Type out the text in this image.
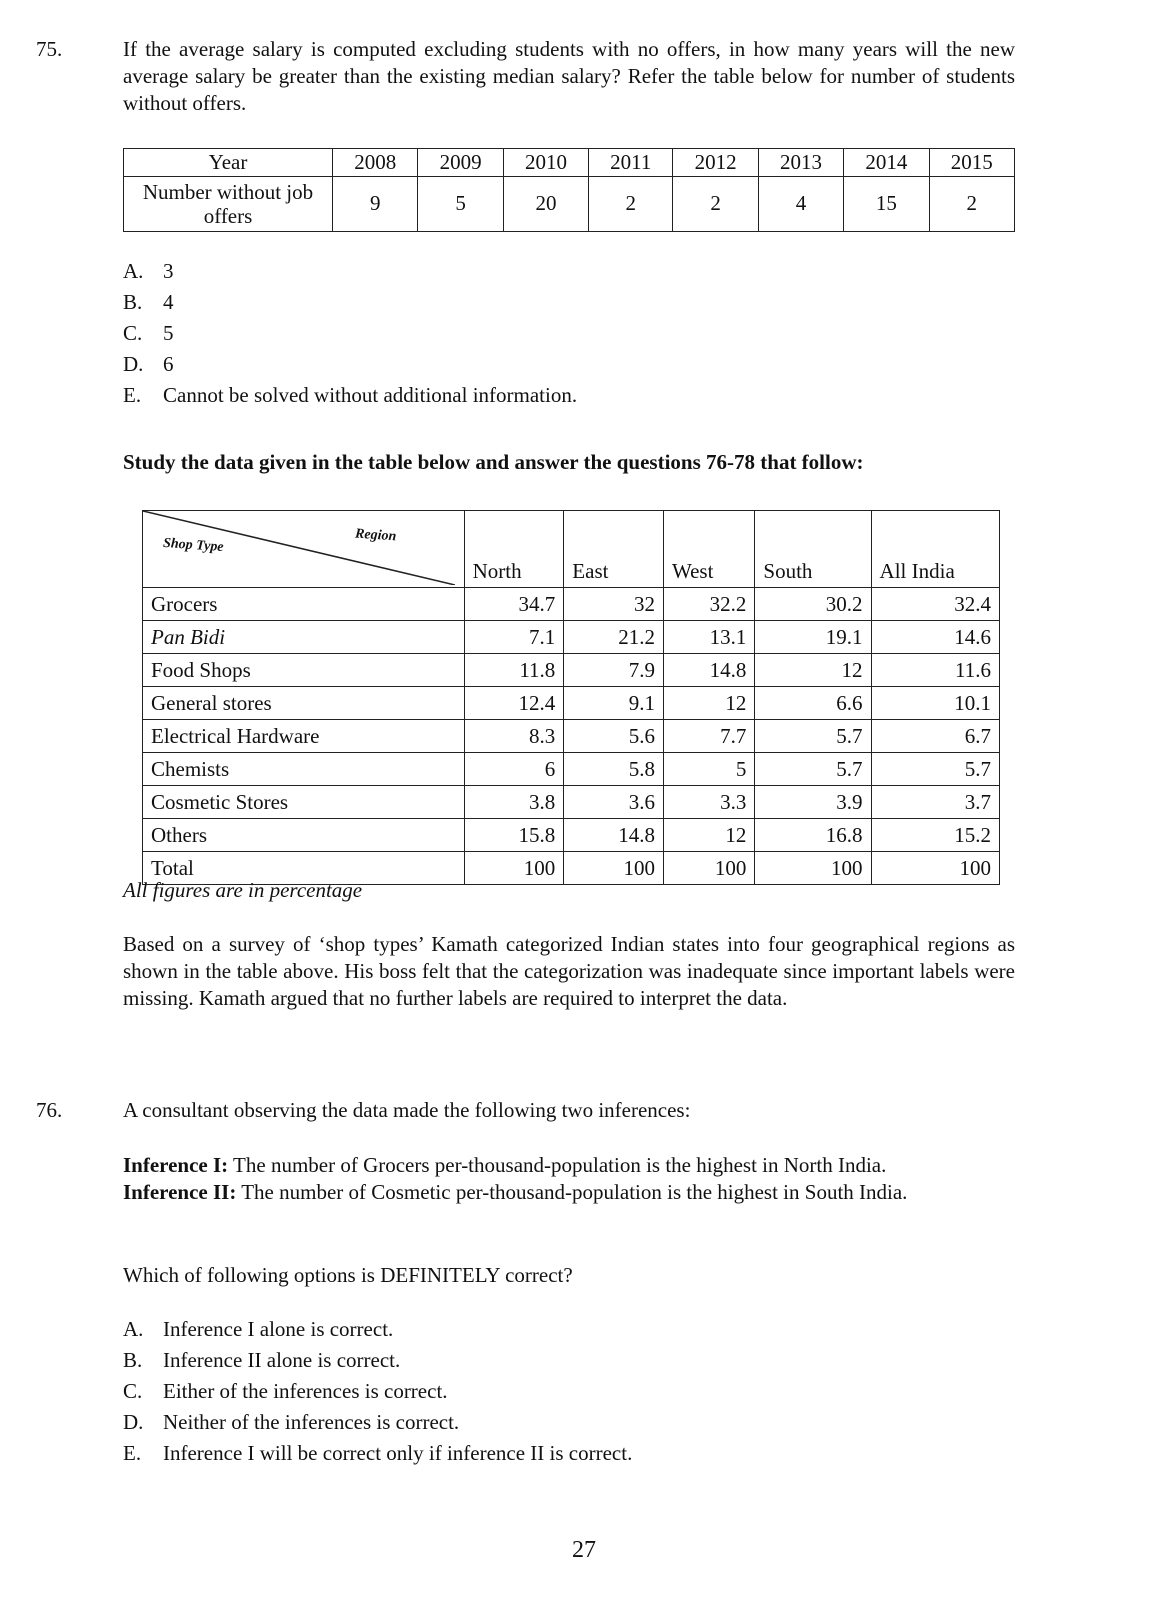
75.	If the average salary is computed excluding students with no offers, in how many years will the new average salary be greater than the existing median salary? Refer the table below for number of students without offers.
Year	2008	2009	2010	2011	2012	2013	2014	2015
Number without job offers	9	5	20	2	2	4	15	2
A. 3
B. 4
C. 5
D. 6
E. Cannot be solved without additional information.
Study the data given in the table below and answer the questions 76-78 that follow:
Shop Type
Region	North	East	West	South	All India
Grocers	34.7	32	32.2	30.2	32.4
Pan Bidi	7.1	21.2	13.1	19.1	14.6
Food Shops	11.8	7.9	14.8	12	11.6
General stores	12.4	9.1	12	6.6	10.1
Electrical Hardware	8.3	5.6	7.7	5.7	6.7
Chemists	6	5.8	5	5.7	5.7
Cosmetic Stores	3.8	3.6	3.3	3.9	3.7
Others	15.8	14.8	12	16.8	15.2
Total	100	100	100	100	100
All figures are in percentage
Based on a survey of ‘shop types’ Kamath categorized Indian states into four geographical regions as shown in the table above. His boss felt that the categorization was inadequate since important labels were missing. Kamath argued that no further labels are required to interpret the data.
76.	A consultant observing the data made the following two inferences:
Inference I: The number of Grocers per-thousand-population is the highest in North India.
Inference II: The number of Cosmetic per-thousand-population is the highest in South India.
Which of following options is DEFINITELY correct?
A. Inference I alone is correct.
B. Inference II alone is correct.
C. Either of the inferences is correct.
D. Neither of the inferences is correct.
E. Inference I will be correct only if inference II is correct.
27
